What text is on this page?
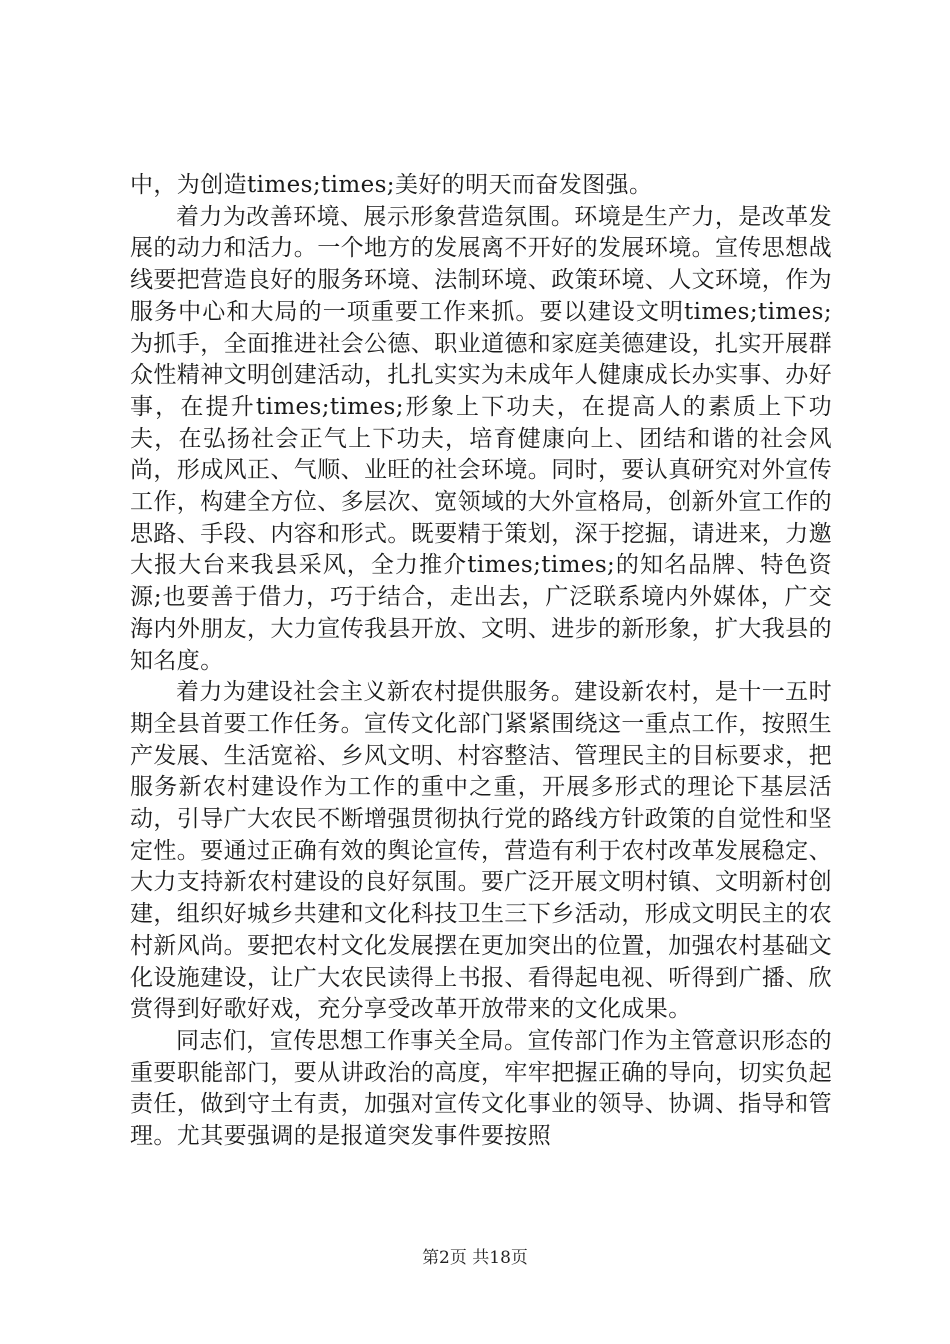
中，为创造times;times;美好的明天而奋发图强。

着力为改善环境、展示形象营造氛围。环境是生产力，是改革发展的动力和活力。一个地方的发展离不开好的发展环境。宣传思想战线要把营造良好的服务环境、法制环境、政策环境、人文环境，作为服务中心和大局的一项重要工作来抓。要以建设文明times;times;为抓手，全面推进社会公德、职业道德和家庭美德建设，扎实开展群众性精神文明创建活动，扎扎实实为未成年人健康成长办实事、办好事，在提升times;times;形象上下功夫，在提高人的素质上下功夫，在弘扬社会正气上下功夫，培育健康向上、团结和谐的社会风尚，形成风正、气顺、业旺的社会环境。同时，要认真研究对外宣传工作，构建全方位、多层次、宽领域的大外宣格局，创新外宣工作的思路、手段、内容和形式。既要精于策划，深于挖掘，请进来，力邀大报大台来我县采风，全力推介times;times;的知名品牌、特色资源;也要善于借力，巧于结合，走出去，广泛联系境内外媒体，广交海内外朋友，大力宣传我县开放、文明、进步的新形象，扩大我县的知名度。

着力为建设社会主义新农村提供服务。建设新农村，是十一五时期全县首要工作任务。宣传文化部门紧紧围绕这一重点工作，按照生产发展、生活宽裕、乡风文明、村容整洁、管理民主的目标要求，把服务新农村建设作为工作的重中之重，开展多形式的理论下基层活动，引导广大农民不断增强贯彻执行党的路线方针政策的自觉性和坚定性。要通过正确有效的舆论宣传，营造有利于农村改革发展稳定、大力支持新农村建设的良好氛围。要广泛开展文明村镇、文明新村创建，组织好城乡共建和文化科技卫生三下乡活动，形成文明民主的农村新风尚。要把农村文化发展摆在更加突出的位置，加强农村基础文化设施建设，让广大农民读得上书报、看得起电视、听得到广播、欣赏得到好歌好戏，充分享受改革开放带来的文化成果。

同志们，宣传思想工作事关全局。宣传部门作为主管意识形态的重要职能部门，要从讲政治的高度，牢牢把握正确的导向，切实负起责任，做到守土有责，加强对宣传文化事业的领导、协调、指导和管理。尤其要强调的是报道突发事件要按照

第2页 共18页
